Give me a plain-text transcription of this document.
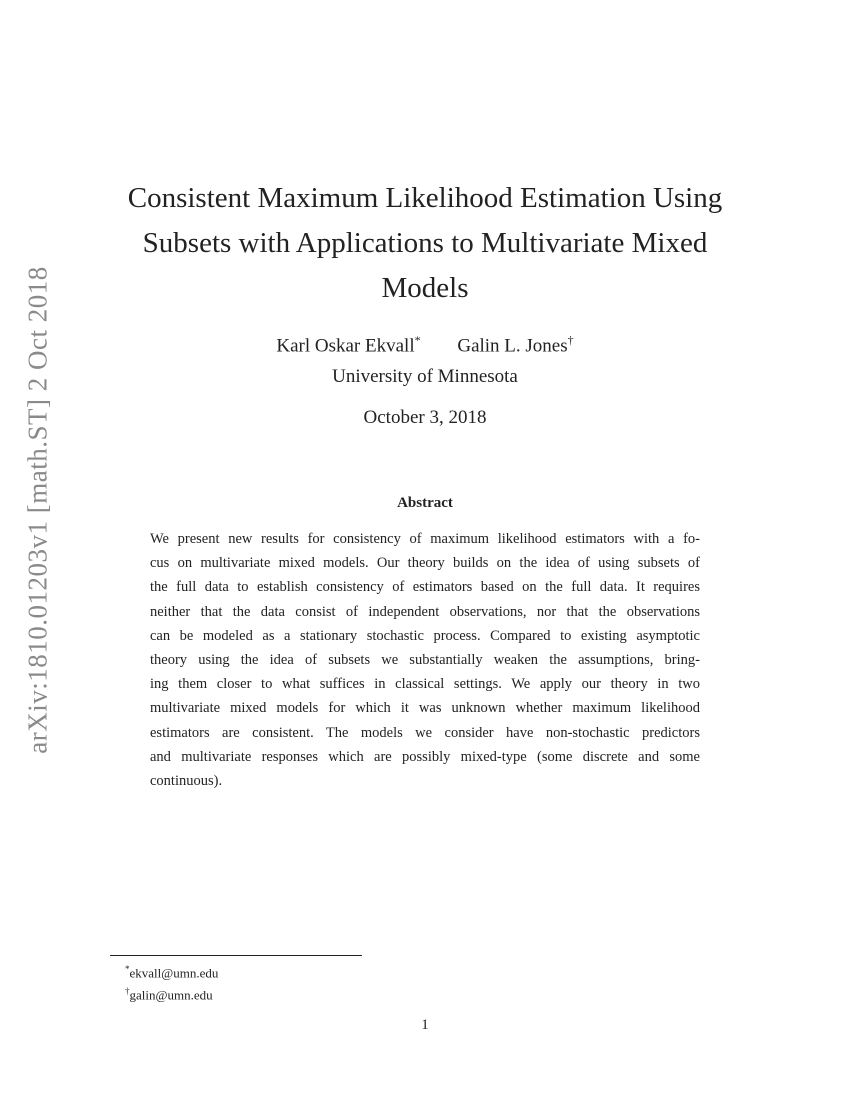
arXiv:1810.01203v1 [math.ST] 2 Oct 2018
Consistent Maximum Likelihood Estimation Using
Subsets with Applications to Multivariate Mixed
Models
Karl Oskar Ekvall* Galin L. Jones†
University of Minnesota
October 3, 2018
Abstract
We present new results for consistency of maximum likelihood estimators with a fo-
cus on multivariate mixed models. Our theory builds on the idea of using subsets of
the full data to establish consistency of estimators based on the full data. It requires
neither that the data consist of independent observations, nor that the observations
can be modeled as a stationary stochastic process. Compared to existing asymptotic
theory using the idea of subsets we substantially weaken the assumptions, bring-
ing them closer to what suffices in classical settings. We apply our theory in two
multivariate mixed models for which it was unknown whether maximum likelihood
estimators are consistent. The models we consider have non-stochastic predictors
and multivariate responses which are possibly mixed-type (some discrete and some
continuous).
*ekvall@umn.edu
†galin@umn.edu
1
